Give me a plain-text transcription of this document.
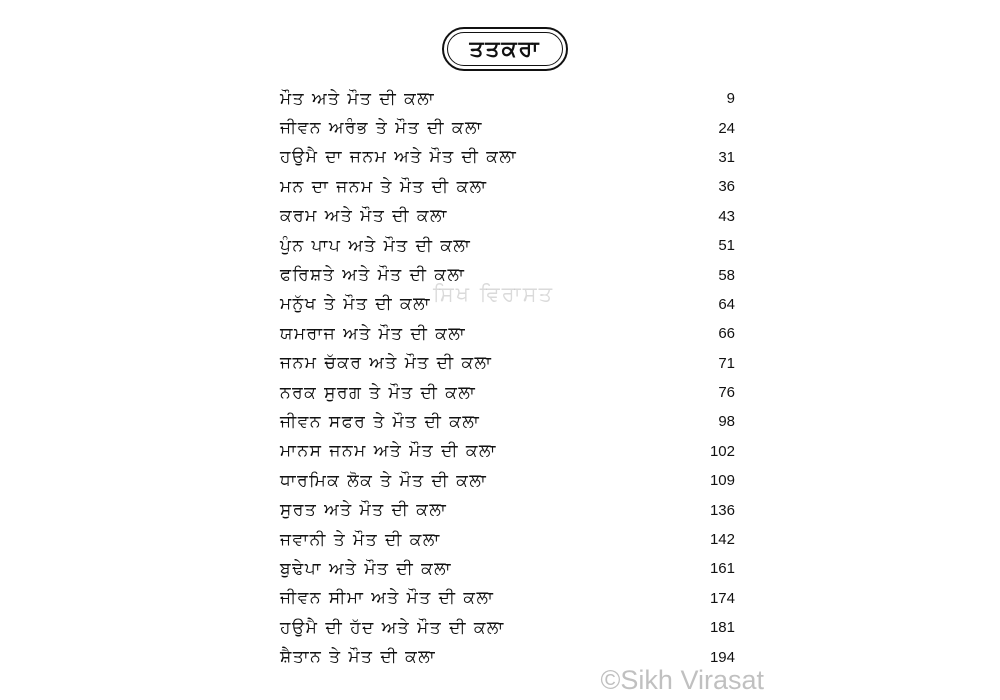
ਤਤਕਰਾ
ਮੌਤ ਅਤੇ ਮੌਤ ਦੀ ਕਲਾ	9
ਜੀਵਨ ਅਰੰਭ ਤੇ ਮੌਤ ਦੀ ਕਲਾ	24
ਹਉਮੈ ਦਾ ਜਨਮ ਅਤੇ ਮੌਤ ਦੀ ਕਲਾ	31
ਮਨ ਦਾ ਜਨਮ ਤੇ ਮੌਤ ਦੀ ਕਲਾ	36
ਕਰਮ ਅਤੇ ਮੌਤ ਦੀ ਕਲਾ	43
ਪੁੰਨ ਪਾਪ ਅਤੇ ਮੌਤ ਦੀ ਕਲਾ	51
ਫਰਿਸ਼ਤੇ ਅਤੇ ਮੌਤ ਦੀ ਕਲਾ	58
ਮਨੁੱਖ ਤੇ ਮੌਤ ਦੀ ਕਲਾ	64
ਯਮਰਾਜ ਅਤੇ ਮੌਤ ਦੀ ਕਲਾ	66
ਜਨਮ ਚੱਕਰ ਅਤੇ ਮੌਤ ਦੀ ਕਲਾ	71
ਨਰਕ ਸੁਰਗ ਤੇ ਮੌਤ ਦੀ ਕਲਾ	76
ਜੀਵਨ ਸਫਰ ਤੇ ਮੌਤ ਦੀ ਕਲਾ	98
ਮਾਨਸ ਜਨਮ ਅਤੇ ਮੌਤ ਦੀ ਕਲਾ	102
ਧਾਰਮਿਕ ਲੋਕ ਤੇ ਮੌਤ ਦੀ ਕਲਾ	109
ਸੁਰਤ ਅਤੇ ਮੌਤ ਦੀ ਕਲਾ	136
ਜਵਾਨੀ ਤੇ ਮੌਤ ਦੀ ਕਲਾ	142
ਬੁਢੇਪਾ ਅਤੇ ਮੌਤ ਦੀ ਕਲਾ	161
ਜੀਵਨ ਸੀਮਾ ਅਤੇ ਮੌਤ ਦੀ ਕਲਾ	174
ਹਉਮੈ ਦੀ ਹੱਦ ਅਤੇ ਮੌਤ ਦੀ ਕਲਾ	181
ਸ਼ੈਤਾਨ ਤੇ ਮੌਤ ਦੀ ਕਲਾ	194
ਸਿਖ ਵਿਰਾਸਤ
©Sikh Virasat
